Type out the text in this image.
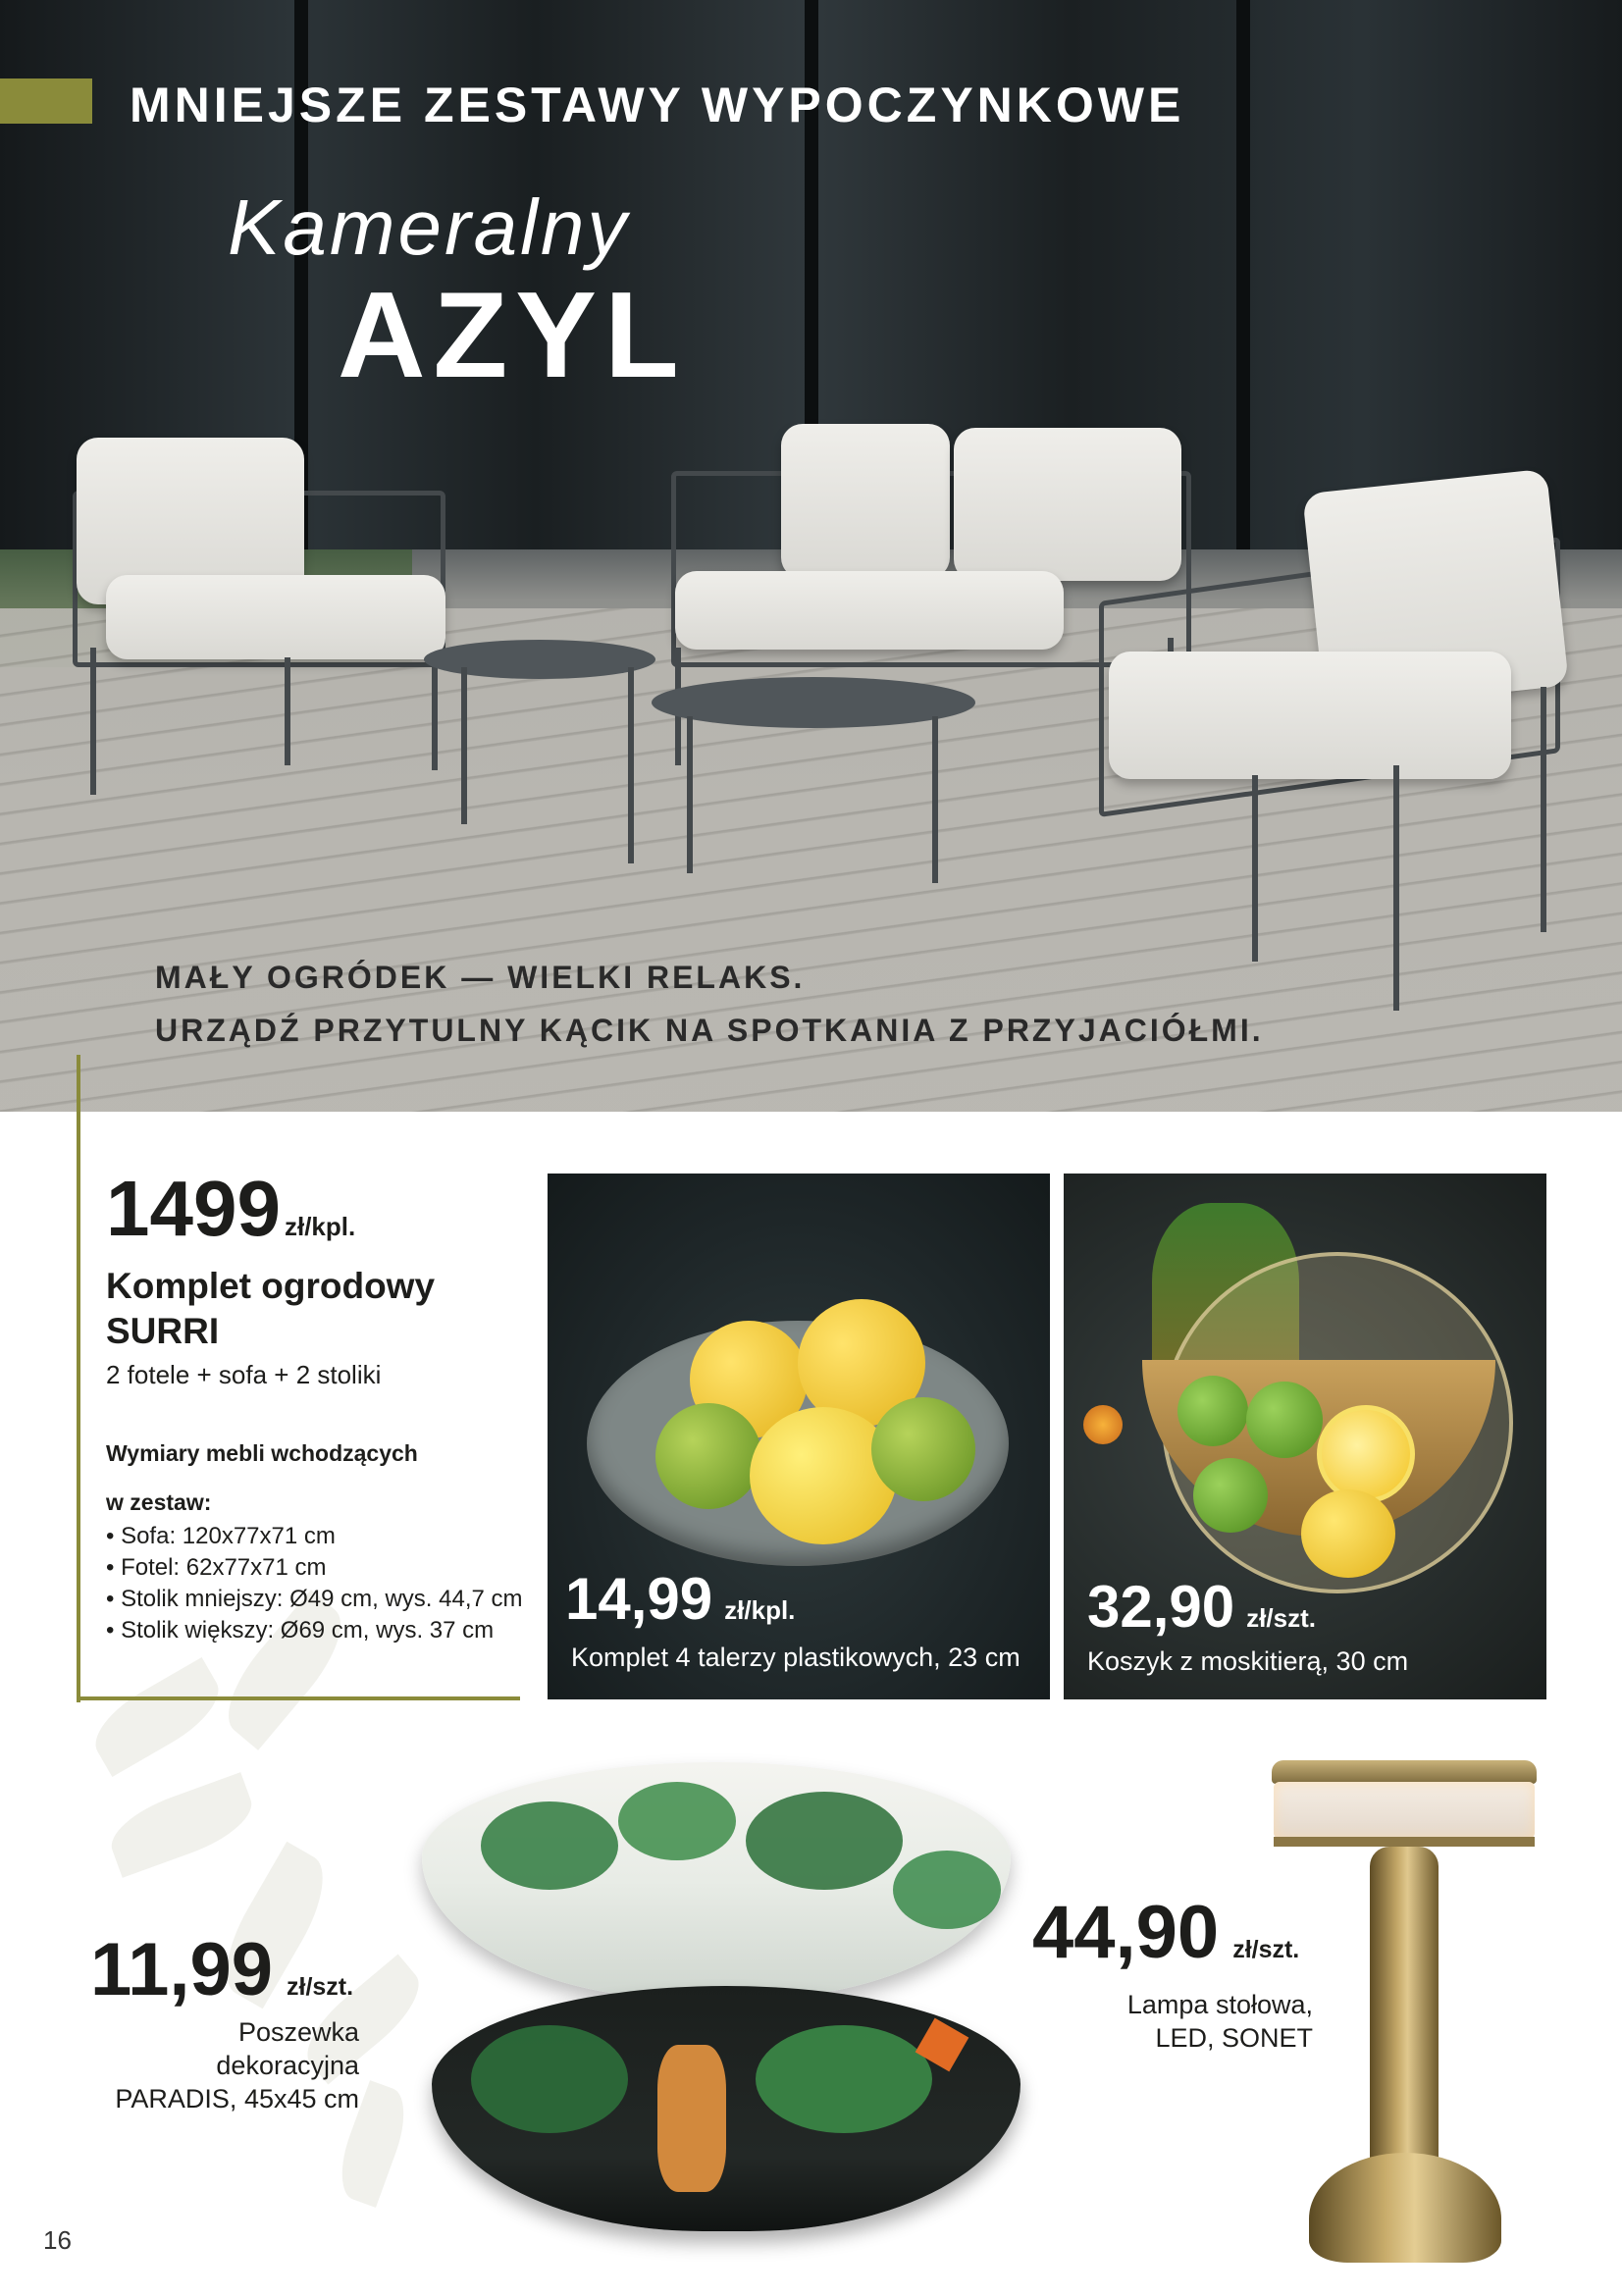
MNIEJSZE ZESTAWY WYPOCZYNKOWE
Kameralny
AZYL
MAŁY OGRÓDEK — WIELKI RELAKS.
URZĄDŹ PRZYTULNY KĄCIK NA SPOTKANIA Z PRZYJACIÓŁMI.
1499 zł/kpl.
Komplet ogrodowy
SURRI
2 fotele + sofa + 2 stoliki
Wymiary mebli wchodzących
w zestaw:
• Sofa: 120x77x71 cm
• Fotel: 62x77x71 cm
• Stolik mniejszy: Ø49 cm, wys. 44,7 cm
• Stolik większy: Ø69 cm, wys. 37 cm	14,99 zł/kpl.
Komplet 4 talerzy plastikowych, 23 cm
32,90 zł/szt.
Koszyk z moskitierą, 30 cm
11,99 zł/szt.
Poszewka
dekoracyjna
PARADIS, 45x45 cm
44,90 zł/szt.
Lampa stołowa,
LED, SONET
16
